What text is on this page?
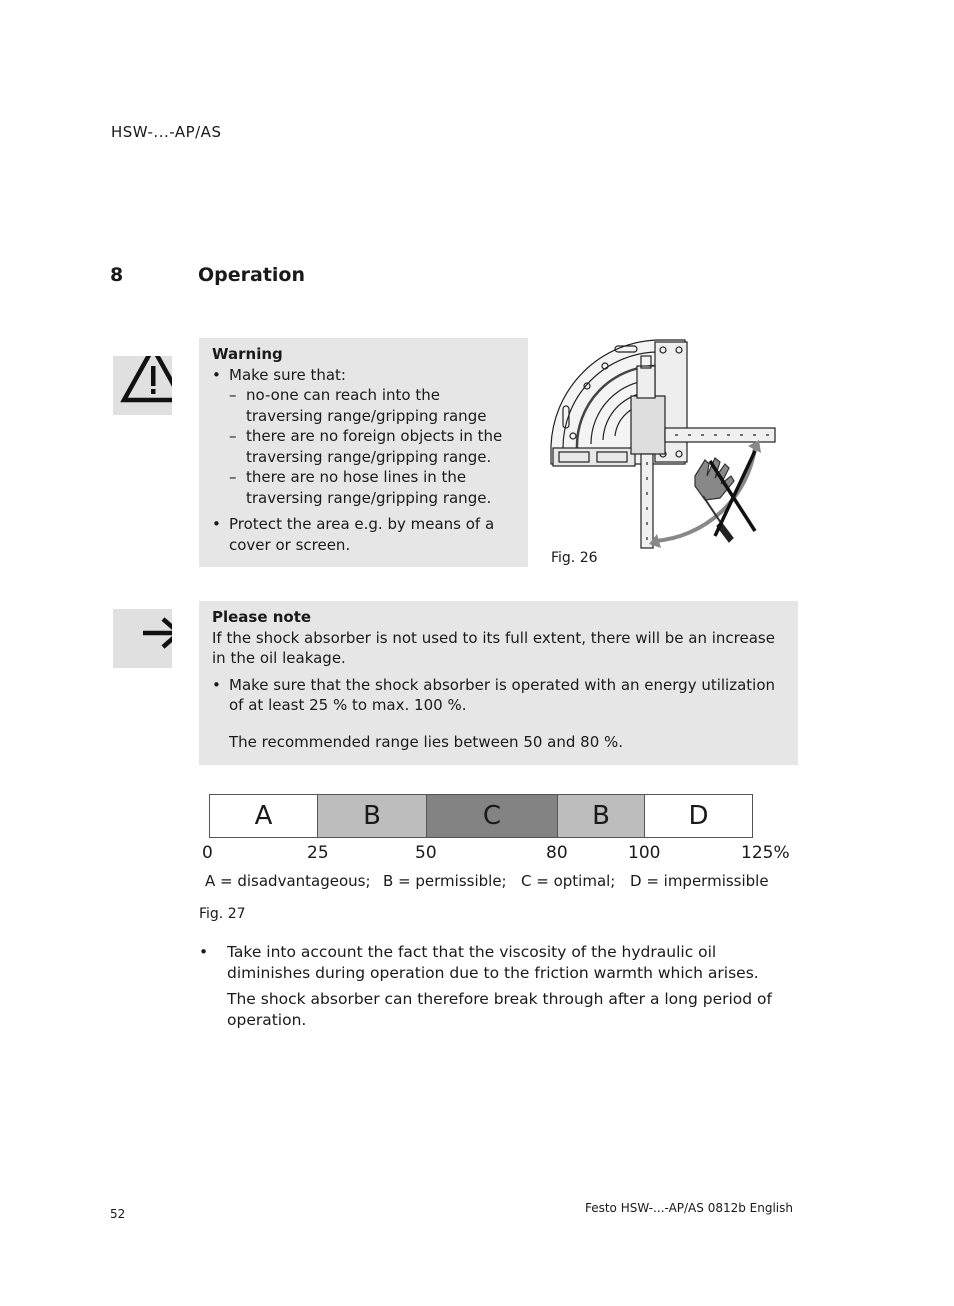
HSW-...-AP/AS
8	Operation
Warning
• Make sure that:
– no-one can reach into the traversing range/gripping range
– there are no foreign objects in the traversing range/gripping range.
– there are no hose lines in the traversing range/gripping range.
• Protect the area e.g. by means of a cover or screen.
Fig. 26
Please note
If the shock absorber is not used to its full extent, there will be an increase in the oil leakage.
• Make sure that the shock absorber is operated with an energy utilization of at least 25 % to max. 100 %.
The recommended range lies between 50 and 80 %.
A	B	C	B	D
0	25	50	80	100	125%
A = disadvantageous; B = permissible; C = optimal; D = impermissible
Fig. 27
• Take into account the fact that the viscosity of the hydraulic oil diminishes during operation due to the friction warmth which arises.
The shock absorber can therefore break through after a long period of operation.
52	Festo HSW-...-AP/AS 0812b English
